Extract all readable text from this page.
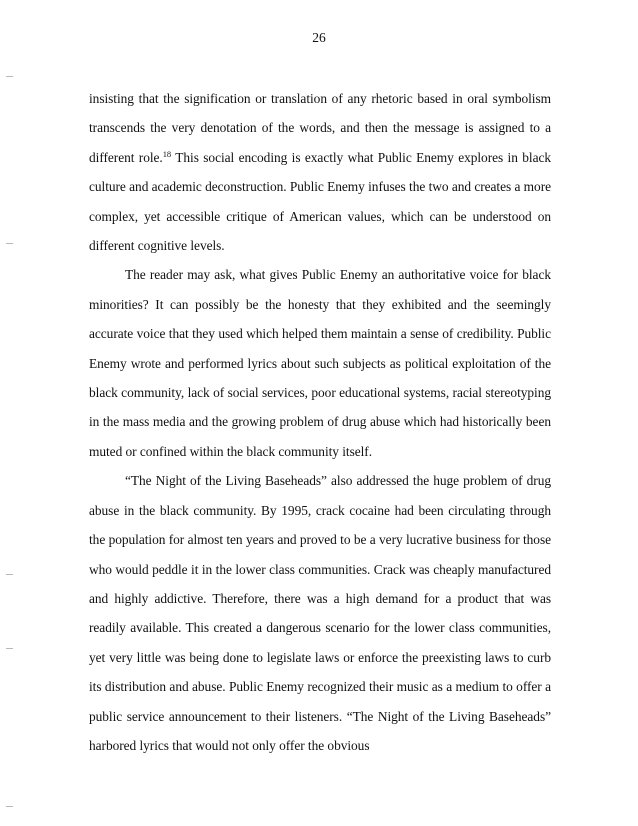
26

insisting that the signification or translation of any rhetoric based in oral symbolism transcends the very denotation of the words, and then the message is assigned to a different role.$^{18}$ This social encoding is exactly what Public Enemy explores in black culture and academic deconstruction. Public Enemy infuses the two and creates a more complex, yet accessible critique of American values, which can be understood on different cognitive levels.

The reader may ask, what gives Public Enemy an authoritative voice for black minorities? It can possibly be the honesty that they exhibited and the seemingly accurate voice that they used which helped them maintain a sense of credibility. Public Enemy wrote and performed lyrics about such subjects as political exploitation of the black community, lack of social services, poor educational systems, racial stereotyping in the mass media and the growing problem of drug abuse which had historically been muted or confined within the black community itself.

“The Night of the Living Baseheads” also addressed the huge problem of drug abuse in the black community. By 1995, crack cocaine had been circulating through the population for almost ten years and proved to be a very lucrative business for those who would peddle it in the lower class communities. Crack was cheaply manufactured and highly addictive. Therefore, there was a high demand for a product that was readily available. This created a dangerous scenario for the lower class communities, yet very little was being done to legislate laws or enforce the preexisting laws to curb its distribution and abuse. Public Enemy recognized their music as a medium to offer a public service announcement to their listeners. “The Night of the Living Baseheads” harbored lyrics that would not only offer the obvious
